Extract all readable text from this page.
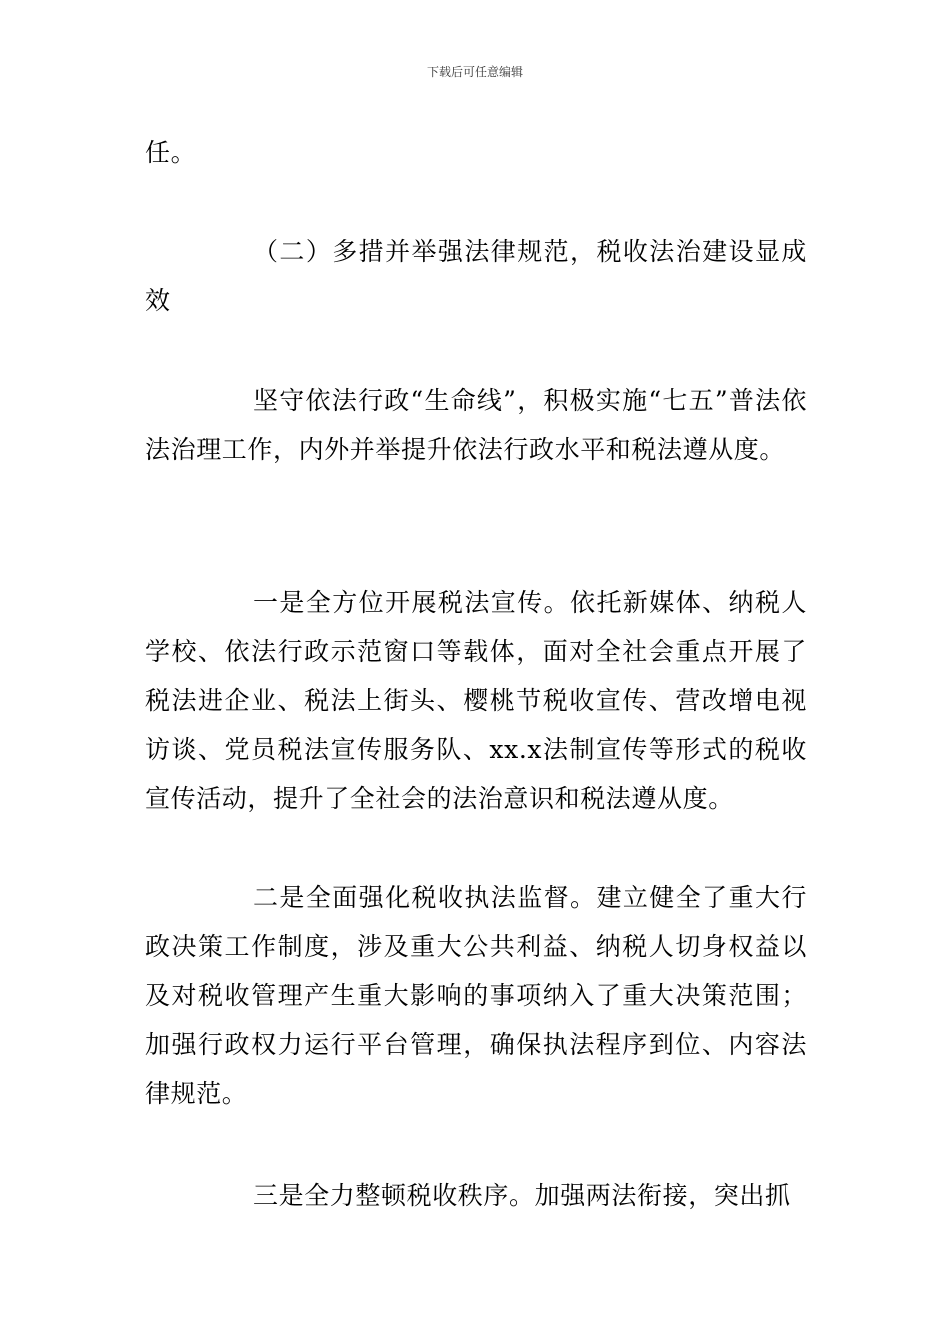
下载后可任意编辑

任。

（二）多措并举强法律规范，税收法治建设显成效

坚守依法行政“生命线”，积极实施“七五”普法依法治理工作，内外并举提升依法行政水平和税法遵从度。

一是全方位开展税法宣传。依托新媒体、纳税人学校、依法行政示范窗口等载体，面对全社会重点开展了税法进企业、税法上街头、樱桃节税收宣传、营改增电视访谈、党员税法宣传服务队、xx.x法制宣传等形式的税收宣传活动，提升了全社会的法治意识和税法遵从度。

二是全面强化税收执法监督。建立健全了重大行政决策工作制度，涉及重大公共利益、纳税人切身权益以及对税收管理产生重大影响的事项纳入了重大决策范围；加强行政权力运行平台管理，确保执法程序到位、内容法律规范。

三是全力整顿税收秩序。加强两法衔接，突出抓
